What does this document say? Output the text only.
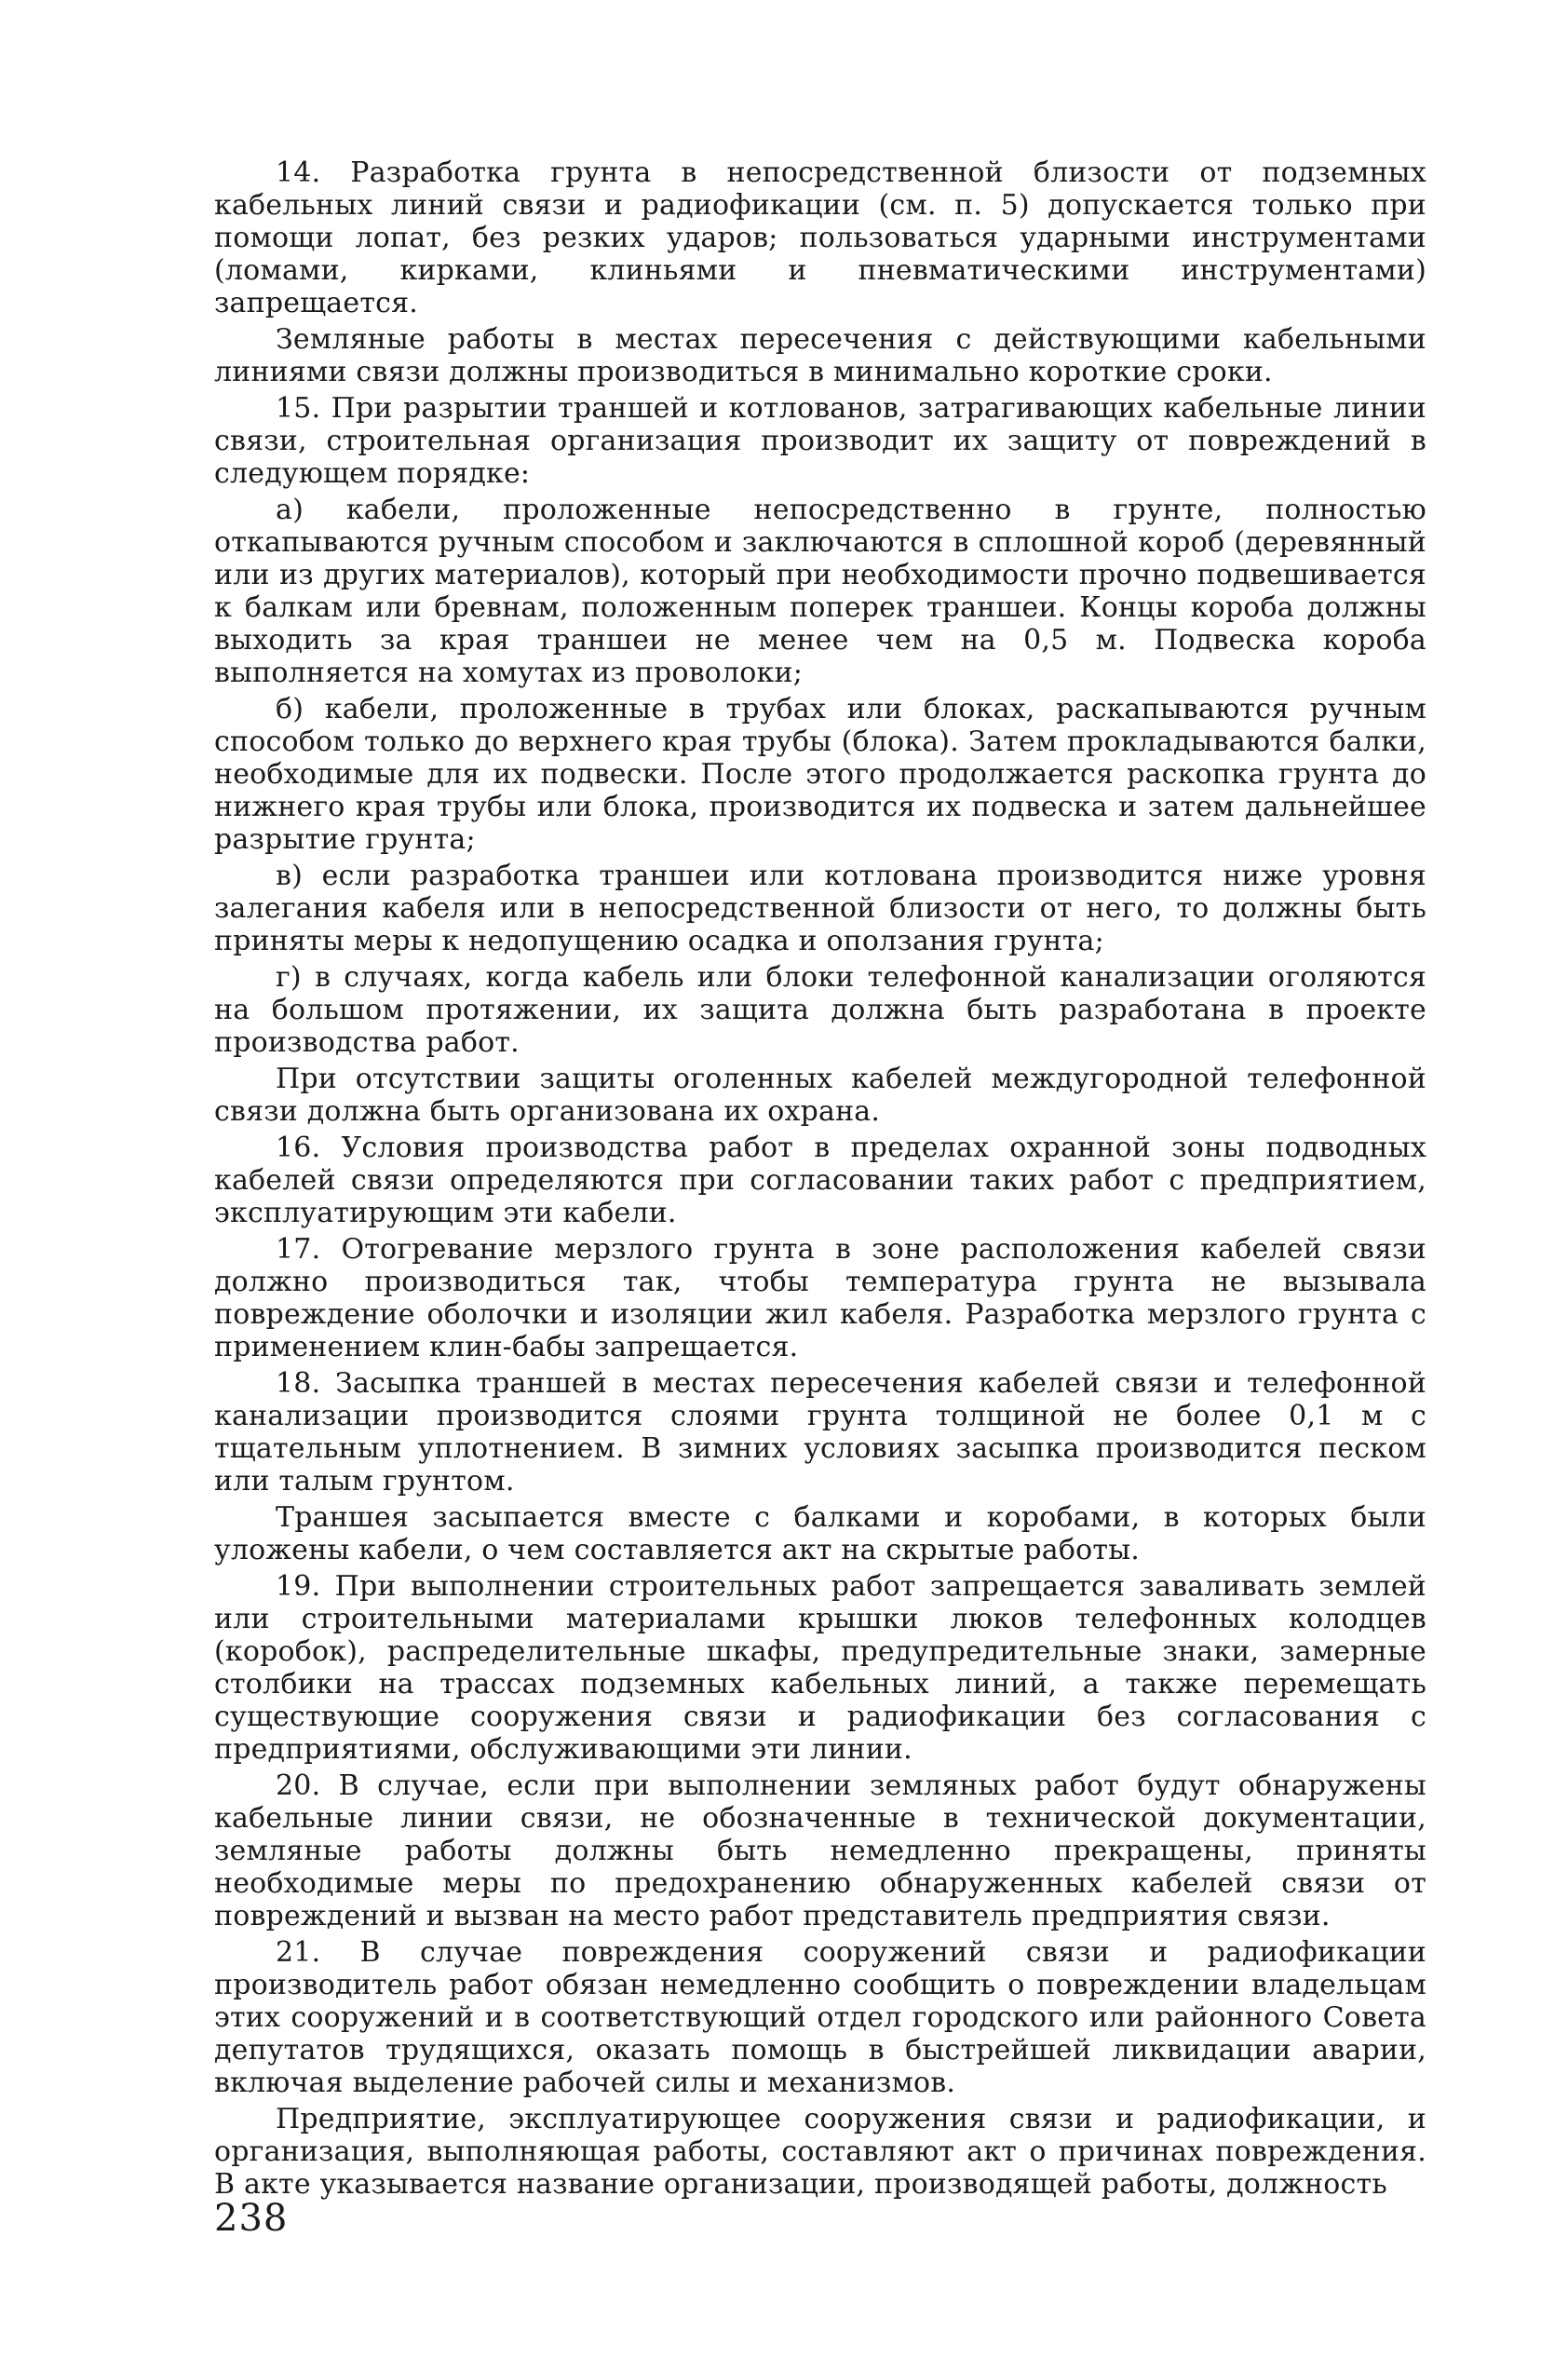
14. Разработка грунта в непосредственной близости от подземных кабельных линий связи и радиофикации (см. п. 5) допускается только при помощи лопат, без резких ударов; пользоваться ударными инструментами (ломами, кирками, клиньями и пневматическими инструментами) запрещается.

Земляные работы в местах пересечения с действующими кабельными линиями связи должны производиться в минимально короткие сроки.

15. При разрытии траншей и котлованов, затрагивающих кабельные линии связи, строительная организация производит их защиту от повреждений в следующем порядке:

а) кабели, проложенные непосредственно в грунте, полностью откапываются ручным способом и заключаются в сплошной короб (деревянный или из других материалов), который при необходимости прочно подвешивается к балкам или бревнам, положенным поперек траншеи. Концы короба должны выходить за края траншеи не менее чем на 0,5 м. Подвеска короба выполняется на хомутах из проволоки;

б) кабели, проложенные в трубах или блоках, раскапываются ручным способом только до верхнего края трубы (блока). Затем прокладываются балки, необходимые для их подвески. После этого продолжается раскопка грунта до нижнего края трубы или блока, производится их подвеска и затем дальнейшее разрытие грунта;

в) если разработка траншеи или котлована производится ниже уровня залегания кабеля или в непосредственной близости от него, то должны быть приняты меры к недопущению осадка и оползания грунта;

г) в случаях, когда кабель или блоки телефонной канализации оголяются на большом протяжении, их защита должна быть разработана в проекте производства работ.

При отсутствии защиты оголенных кабелей междугородной телефонной связи должна быть организована их охрана.

16. Условия производства работ в пределах охранной зоны подводных кабелей связи определяются при согласовании таких работ с предприятием, эксплуатирующим эти кабели.

17. Отогревание мерзлого грунта в зоне расположения кабелей связи должно производиться так, чтобы температура грунта не вызывала повреждение оболочки и изоляции жил кабеля. Разработка мерзлого грунта с применением клин-бабы запрещается.

18. Засыпка траншей в местах пересечения кабелей связи и телефонной канализации производится слоями грунта толщиной не более 0,1 м с тщательным уплотнением. В зимних условиях засыпка производится песком или талым грунтом.

Траншея засыпается вместе с балками и коробами, в которых были уложены кабели, о чем составляется акт на скрытые работы.

19. При выполнении строительных работ запрещается заваливать землей или строительными материалами крышки люков телефонных колодцев (коробок), распределительные шкафы, предупредительные знаки, замерные столбики на трассах подземных кабельных линий, а также перемещать существующие сооружения связи и радиофикации без согласования с предприятиями, обслуживающими эти линии.

20. В случае, если при выполнении земляных работ будут обнаружены кабельные линии связи, не обозначенные в технической документации, земляные работы должны быть немедленно прекращены, приняты необходимые меры по предохранению обнаруженных кабелей связи от повреждений и вызван на место работ представитель предприятия связи.

21. В случае повреждения сооружений связи и радиофикации производитель работ обязан немедленно сообщить о повреждении владельцам этих сооружений и в соответствующий отдел городского или районного Совета депутатов трудящихся, оказать помощь в быстрейшей ликвидации аварии, включая выделение рабочей силы и механизмов.

Предприятие, эксплуатирующее сооружения связи и радиофикации, и организация, выполняющая работы, составляют акт о причинах повреждения. В акте указывается название организации, производящей работы, должность

238
